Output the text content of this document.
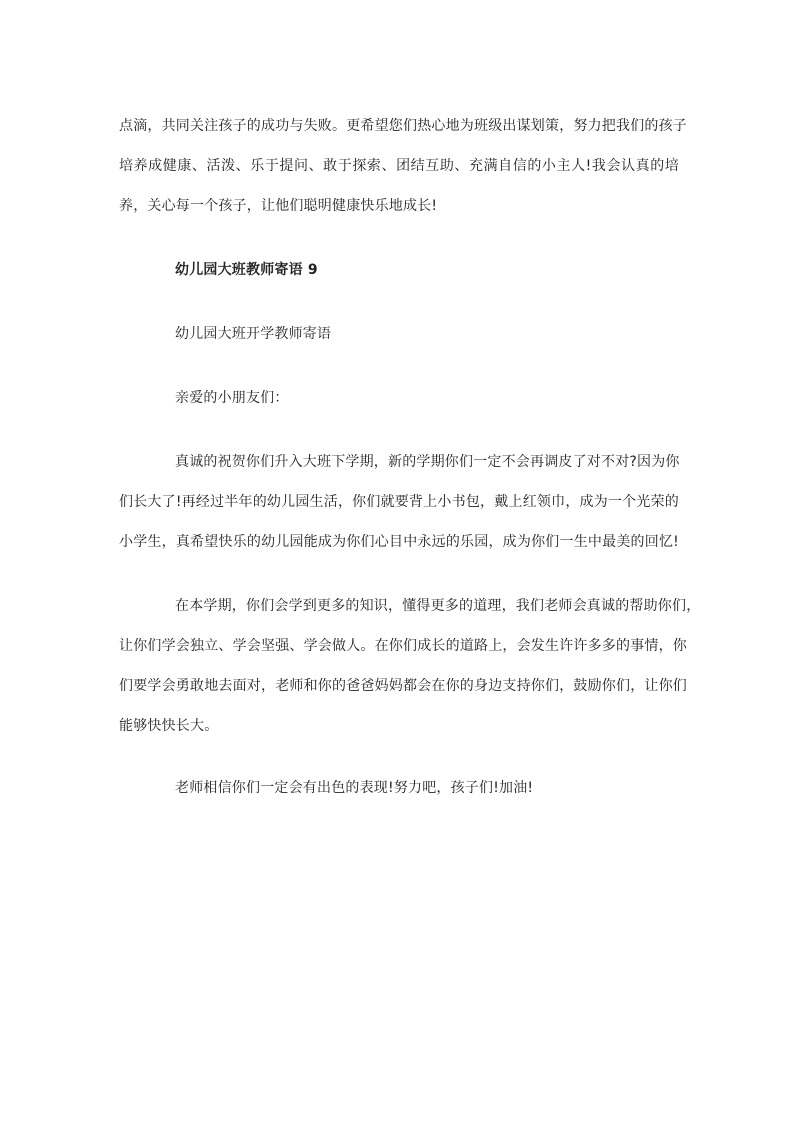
点滴，共同关注孩子的成功与失败。更希望您们热心地为班级出谋划策，努力把我们的孩子
培养成健康、活泼、乐于提问、敢于探索、团结互助、充满自信的小主人!我会认真的培
养，关心每一个孩子，让他们聪明健康快乐地成长!
幼儿园大班教师寄语 9
幼儿园大班开学教师寄语
亲爱的小朋友们：
真诚的祝贺你们升入大班下学期，新的学期你们一定不会再调皮了对不对?因为你
们长大了!再经过半年的幼儿园生活，你们就要背上小书包，戴上红领巾，成为一个光荣的
小学生，真希望快乐的幼儿园能成为你们心目中永远的乐园，成为你们一生中最美的回忆!
在本学期，你们会学到更多的知识，懂得更多的道理，我们老师会真诚的帮助你们，
让你们学会独立、学会坚强、学会做人。在你们成长的道路上，会发生许许多多的事情，你
们要学会勇敢地去面对，老师和你的爸爸妈妈都会在你的身边支持你们，鼓励你们，让你们
能够快快长大。
老师相信你们一定会有出色的表现!努力吧，孩子们!加油!
